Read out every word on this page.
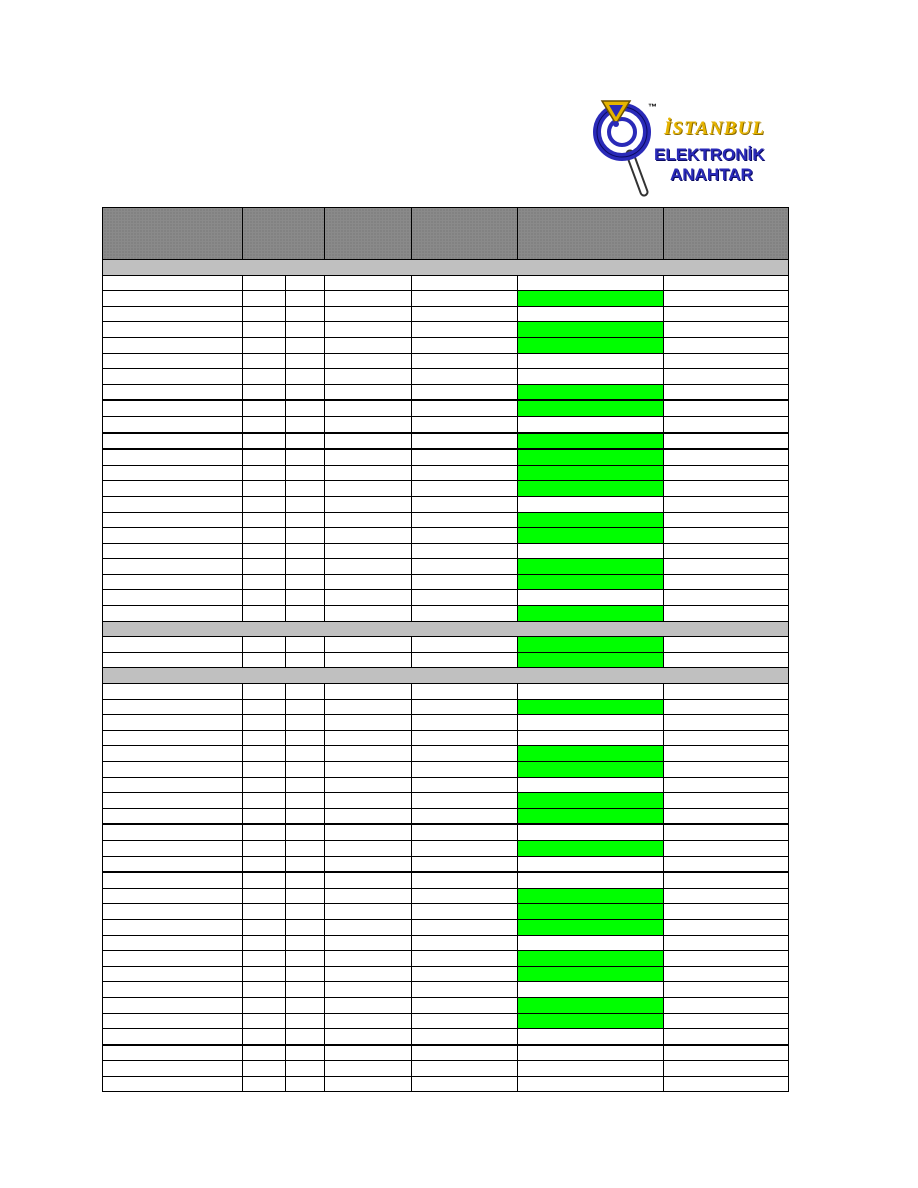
İSTANBUL
™
ELEKTRONİK
ANAHTAR
